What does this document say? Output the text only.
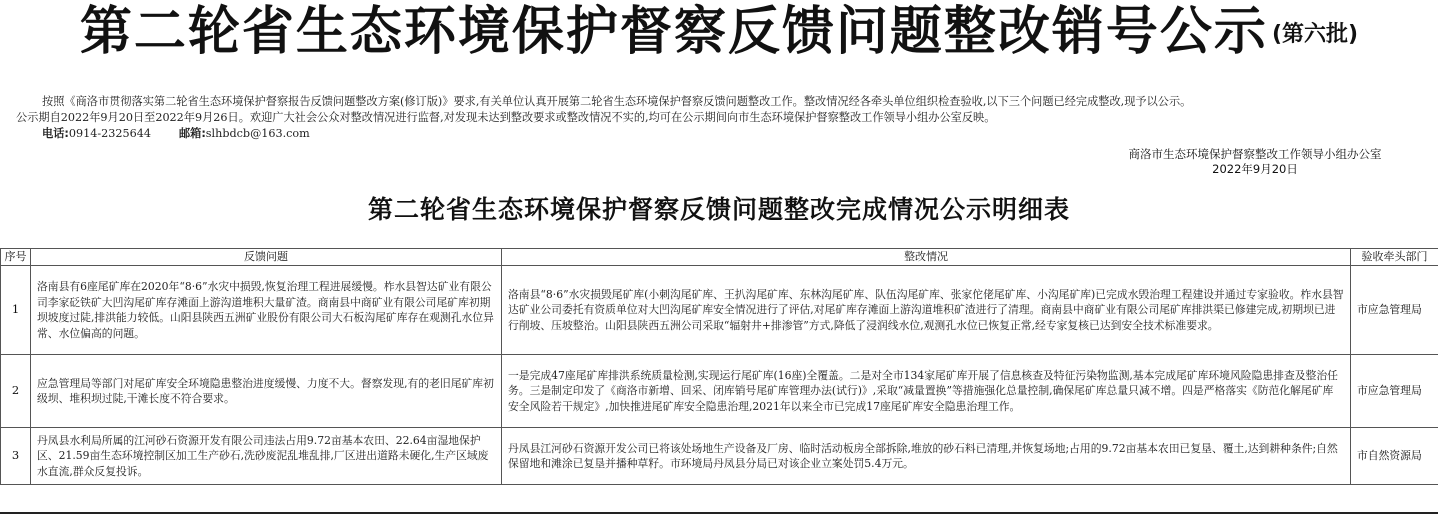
第二轮省生态环境保护督察反馈问题整改销号公示 (第六批)

按照《商洛市贯彻落实第二轮省生态环境保护督察报告反馈问题整改方案(修订版)》要求,有关单位认真开展第二轮省生态环境保护督察反馈问题整改工作。整改情况经各牵头单位组织检查验收,以下三个问题已经完成整改,现予以公示。

公示期自2022年9月20日至2022年9月26日。欢迎广大社会公众对整改情况进行监督,对发现未达到整改要求或整改情况不实的,均可在公示期间向市生态环境保护督察整改工作领导小组办公室反映。

电话:0914-2325644	邮箱:slhbdcb@163.com

商洛市生态环境保护督察整改工作领导小组办公室
2022年9月20日
第二轮省生态环境保护督察反馈问题整改完成情况公示明细表
序号	反馈问题	整改情况	验收牵头部门
1	洛南县有6座尾矿库在2020年“8·6”水灾中损毁,恢复治理工程进展缓慢。柞水县智达矿业有限公司李家砭铁矿大凹沟尾矿库存滩面上游沟道堆积大量矿渣。商南县中商矿业有限公司尾矿库初期坝坡度过陡,排洪能力较低。山阳县陕西五洲矿业股份有限公司大石板沟尾矿库存在观测孔水位异常、水位偏高的问题。	洛南县“8·6”水灾损毁尾矿库(小刺沟尾矿库、王扒沟尾矿库、东林沟尾矿库、队伍沟尾矿库、张家佗佬尾矿库、小沟尾矿库)已完成水毁治理工程建设并通过专家验收。柞水县智达矿业公司委托有资质单位对大凹沟尾矿库安全情况进行了评估,对尾矿库存滩面上游沟道堆积矿渣进行了清理。商南县中商矿业有限公司尾矿库排洪渠已修建完成,初期坝已进行削坡、压坡整治。山阳县陕西五洲公司采取“辐射井+排渗管”方式,降低了浸润线水位,观测孔水位已恢复正常,经专家复核已达到安全技术标准要求。	市应急管理局
2	应急管理局等部门对尾矿库安全环境隐患整治进度缓慢、力度不大。督察发现,有的老旧尾矿库初级坝、堆积坝过陡,干滩长度不符合要求。	一是完成47座尾矿库排洪系统质量检测,实现运行尾矿库(16座)全覆盖。二是对全市134家尾矿库开展了信息核查及特征污染物监测,基本完成尾矿库环境风险隐患排查及整治任务。三是制定印发了《商洛市新增、回采、闭库销号尾矿库管理办法(试行)》,采取“减量置换”等措施强化总量控制,确保尾矿库总量只减不增。四是严格落实《防范化解尾矿库安全风险若干规定》,加快推进尾矿库安全隐患治理,2021年以来全市已完成17座尾矿库安全隐患治理工作。	市应急管理局
3	丹凤县水利局所属的江河砂石资源开发有限公司违法占用9.72亩基本农田、22.64亩湿地保护区、21.59亩生态环境控制区加工生产砂石,洗砂废泥乱堆乱排,厂区进出道路未硬化,生产区域废水直流,群众反复投诉。	丹凤县江河砂石资源开发公司已将该处场地生产设备及厂房、临时活动板房全部拆除,堆放的砂石料已清理,并恢复场地;占用的9.72亩基本农田已复垦、覆土,达到耕种条件;自然保留地和滩涂已复垦并播种草籽。市环境局丹凤县分局已对该企业立案处罚5.4万元。	市自然资源局
